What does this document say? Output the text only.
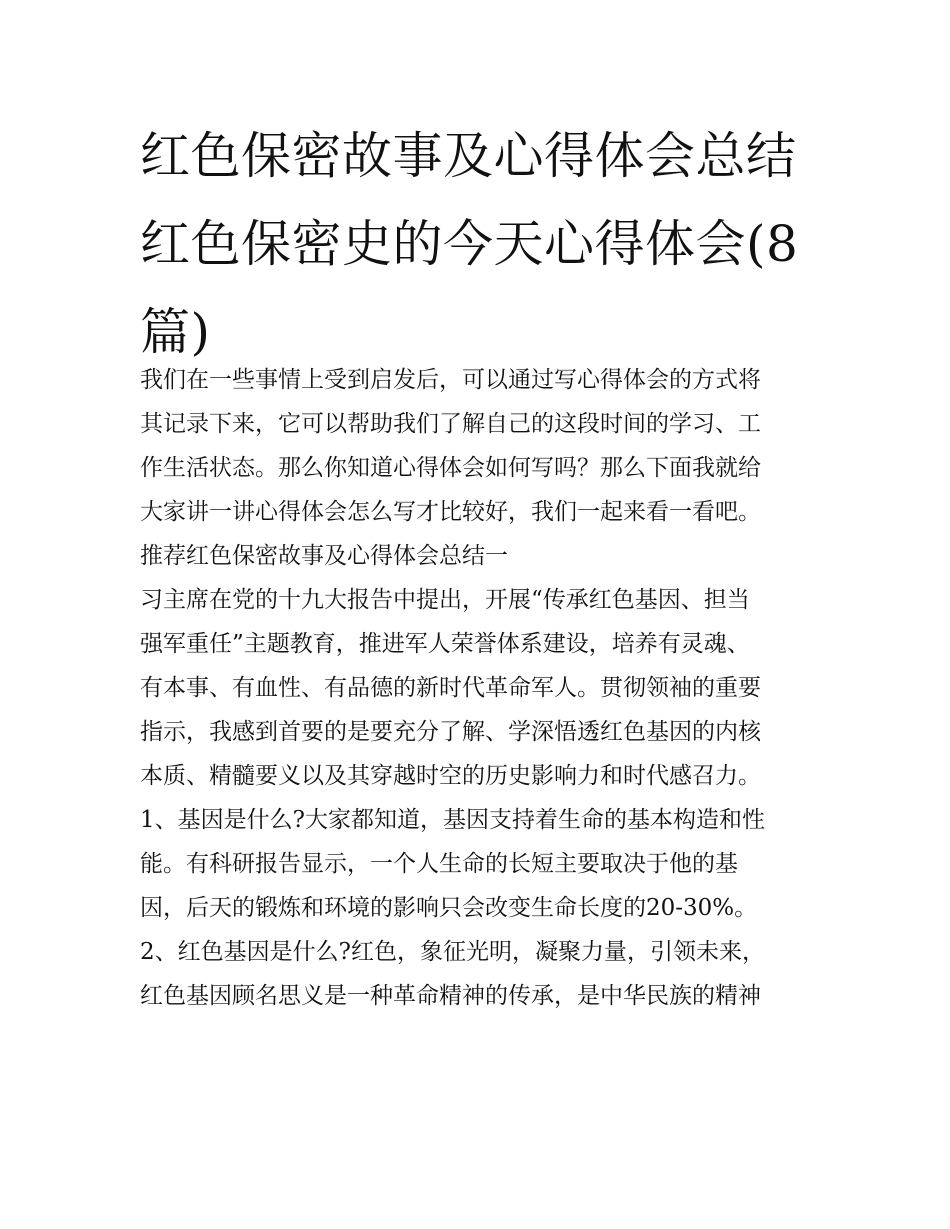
红色保密故事及心得体会总结
红色保密史的今天心得体会(8
篇)
我们在一些事情上受到启发后，可以通过写心得体会的方式将
其记录下来，它可以帮助我们了解自己的这段时间的学习、工
作生活状态。那么你知道心得体会如何写吗？那么下面我就给
大家讲一讲心得体会怎么写才比较好，我们一起来看一看吧。
推荐红色保密故事及心得体会总结一
习主席在党的十九大报告中提出，开展“传承红色基因、担当
强军重任”主题教育，推进军人荣誉体系建设，培养有灵魂、
有本事、有血性、有品德的新时代革命军人。贯彻领袖的重要
指示，我感到首要的是要充分了解、学深悟透红色基因的内核
本质、精髓要义以及其穿越时空的历史影响力和时代感召力。
1、基因是什么?大家都知道，基因支持着生命的基本构造和性
能。有科研报告显示，一个人生命的长短主要取决于他的基
因，后天的锻炼和环境的影响只会改变生命长度的20-30%。
2、红色基因是什么?红色，象征光明，凝聚力量，引领未来，
红色基因顾名思义是一种革命精神的传承，是中华民族的精神
